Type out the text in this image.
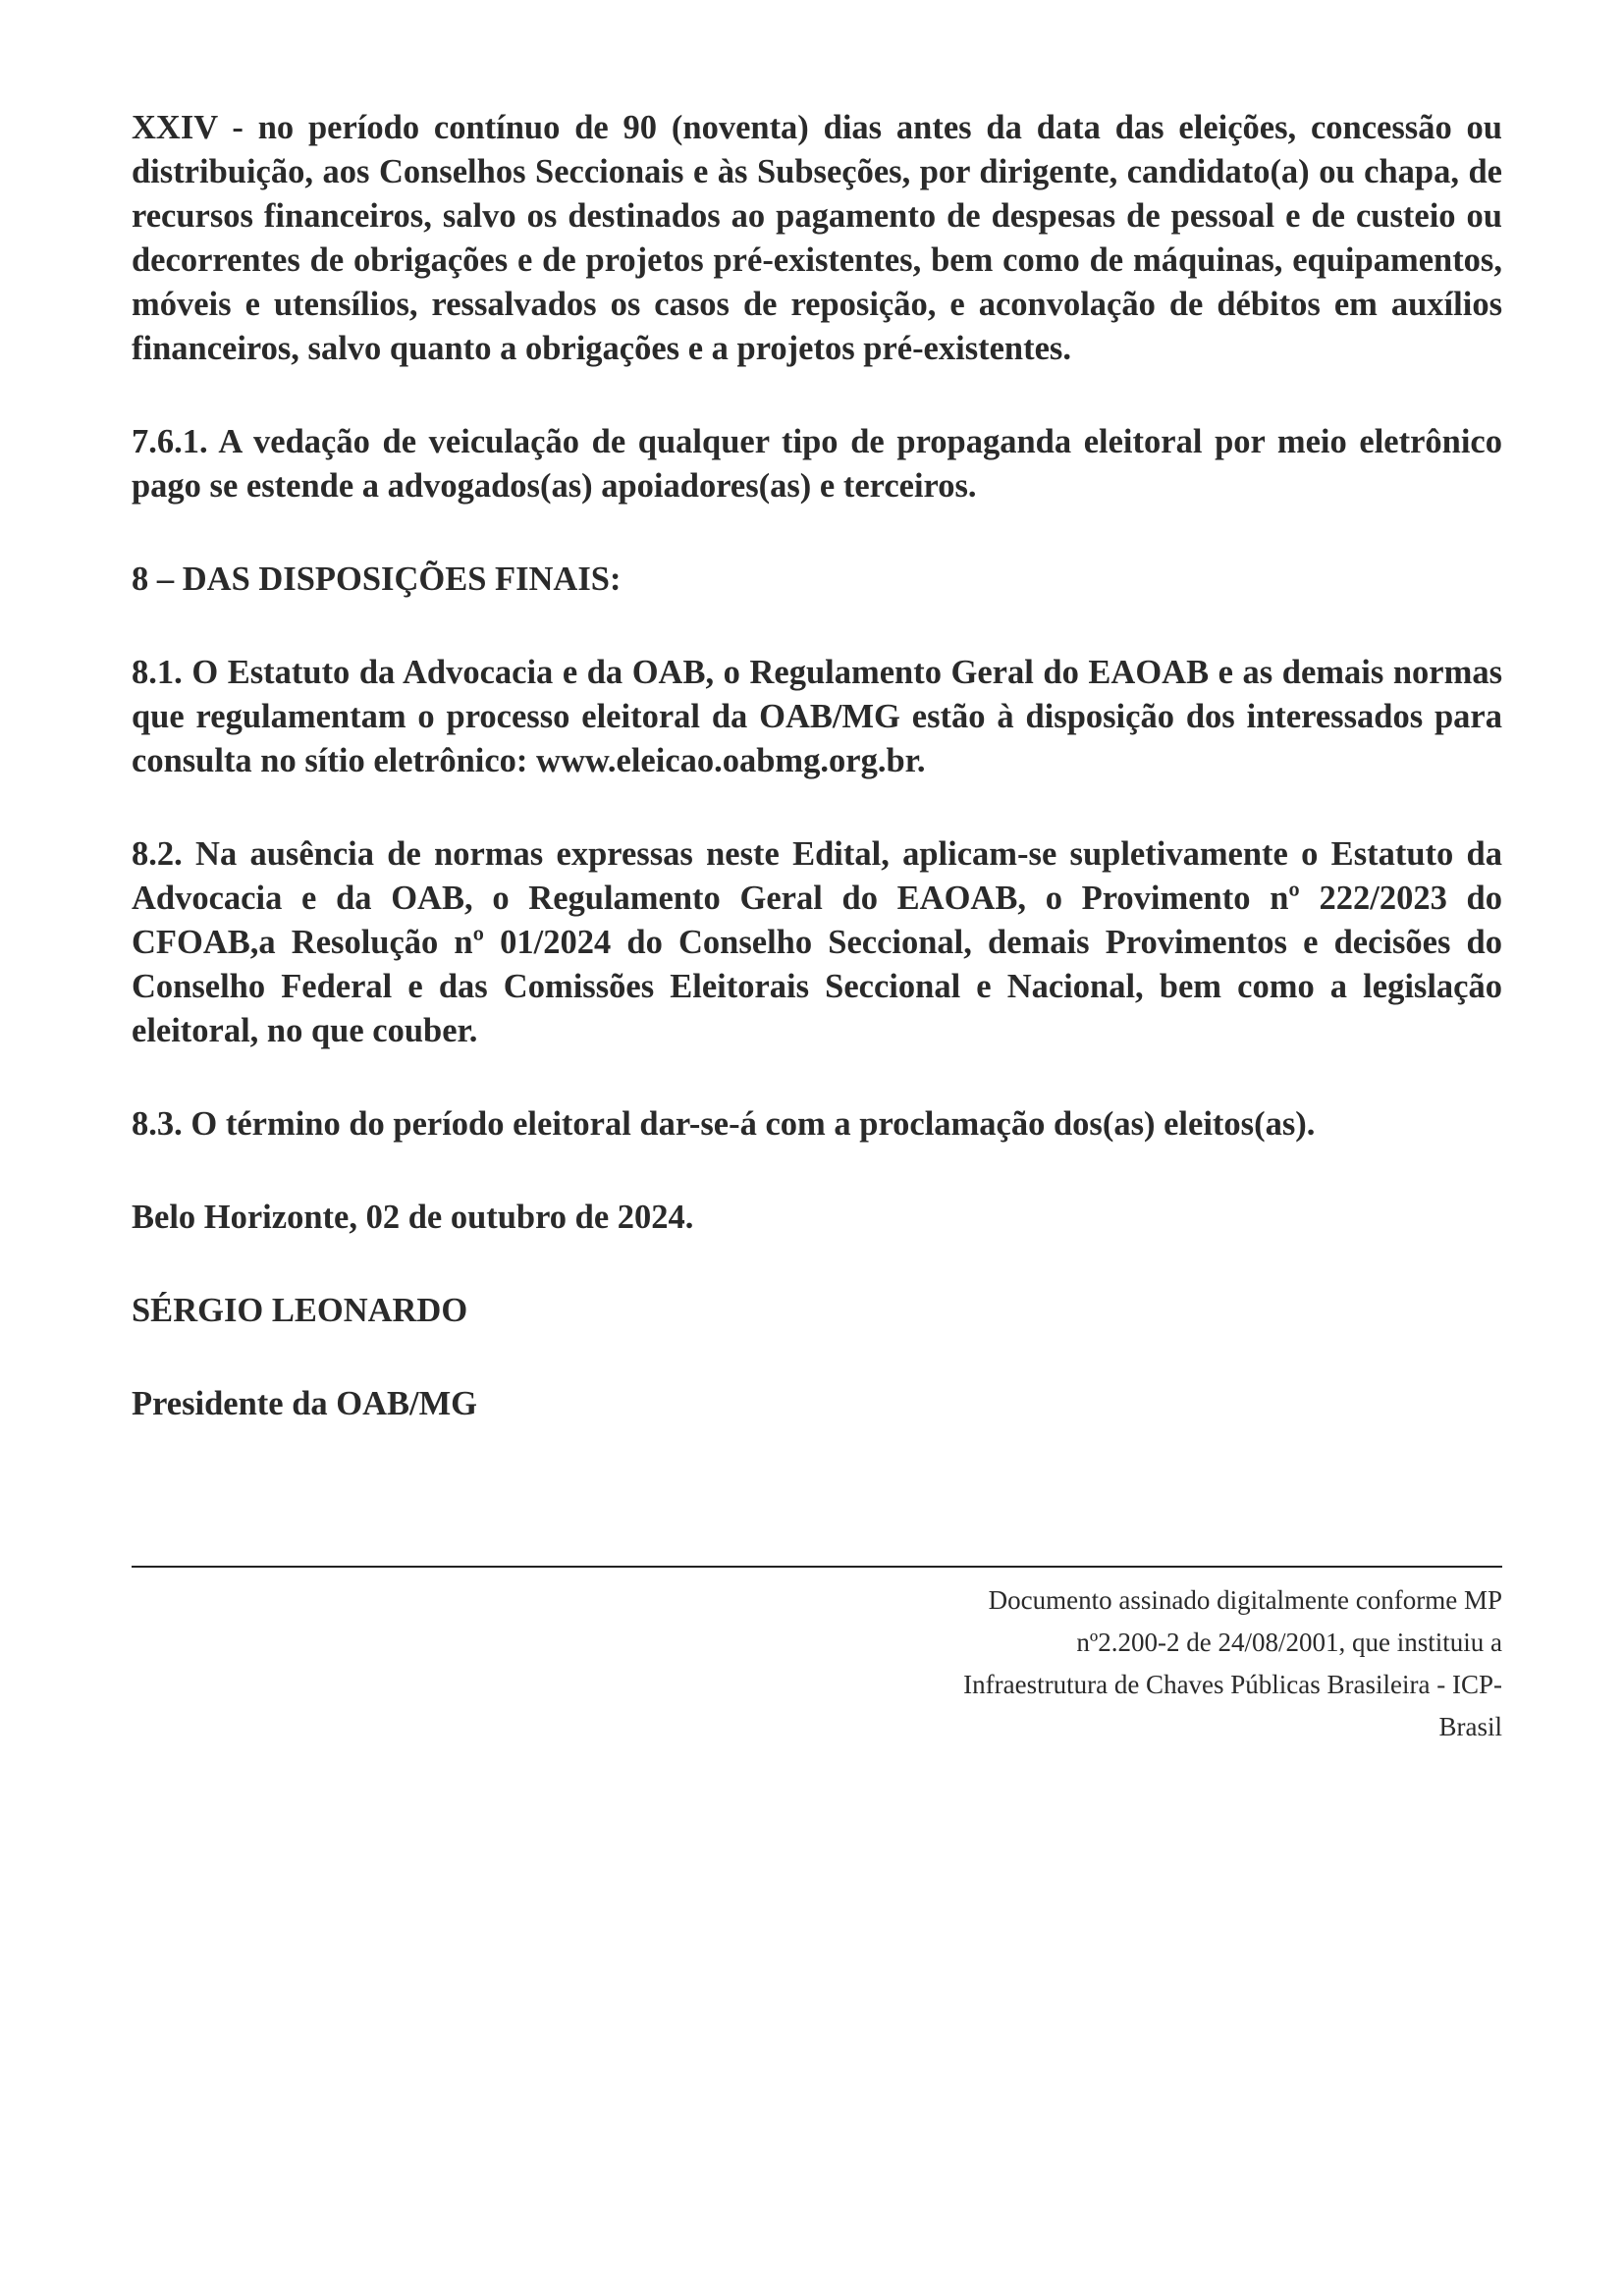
XXIV - no período contínuo de 90 (noventa) dias antes da data das eleições, concessão ou distribuição, aos Conselhos Seccionais e às Subseções, por dirigente, candidato(a) ou chapa, de recursos financeiros, salvo os destinados ao pagamento de despesas de pessoal e de custeio ou decorrentes de obrigações e de projetos pré-existentes, bem como de máquinas, equipamentos, móveis e utensílios, ressalvados os casos de reposição, e aconvolação de débitos em auxílios financeiros, salvo quanto a obrigações e a projetos pré-existentes.

7.6.1. A vedação de veiculação de qualquer tipo de propaganda eleitoral por meio eletrônico pago se estende a advogados(as) apoiadores(as) e terceiros.

8 – DAS DISPOSIÇÕES FINAIS:

8.1. O Estatuto da Advocacia e da OAB, o Regulamento Geral do EAOAB e as demais normas que regulamentam o processo eleitoral da OAB/MG estão à disposição dos interessados para consulta no sítio eletrônico: www.eleicao.oabmg.org.br.

8.2. Na ausência de normas expressas neste Edital, aplicam-se supletivamente o Estatuto da Advocacia e da OAB, o Regulamento Geral do EAOAB, o Provimento nº 222/2023 do CFOAB,a Resolução nº 01/2024 do Conselho Seccional, demais Provimentos e decisões do Conselho Federal e das Comissões Eleitorais Seccional e Nacional, bem como a legislação eleitoral, no que couber.

8.3. O término do período eleitoral dar-se-á com a proclamação dos(as) eleitos(as).

Belo Horizonte, 02 de outubro de 2024.

SÉRGIO LEONARDO

Presidente da OAB/MG

Documento assinado digitalmente conforme MP
nº2.200-2 de 24/08/2001, que instituiu a
Infraestrutura de Chaves Públicas Brasileira - ICP-
Brasil
